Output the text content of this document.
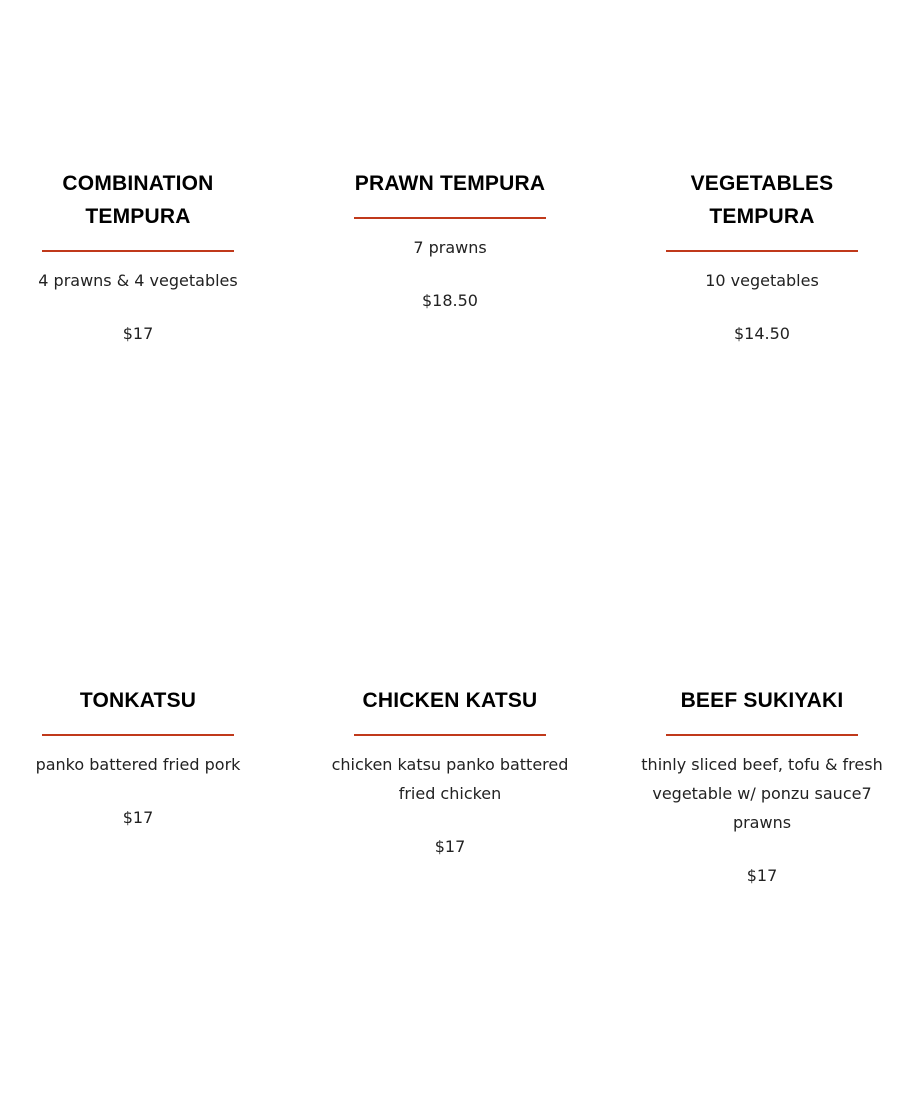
COMBINATION TEMPURA

4 prawns & 4 vegetables

$17

PRAWN TEMPURA

7 prawns

$18.50

VEGETABLES TEMPURA

10 vegetables

$14.50

TONKATSU

panko battered fried pork

$17

CHICKEN KATSU

chicken katsu panko battered fried chicken

$17

BEEF SUKIYAKI

thinly sliced beef, tofu & fresh vegetable w/ ponzu sauce7 prawns

$17
